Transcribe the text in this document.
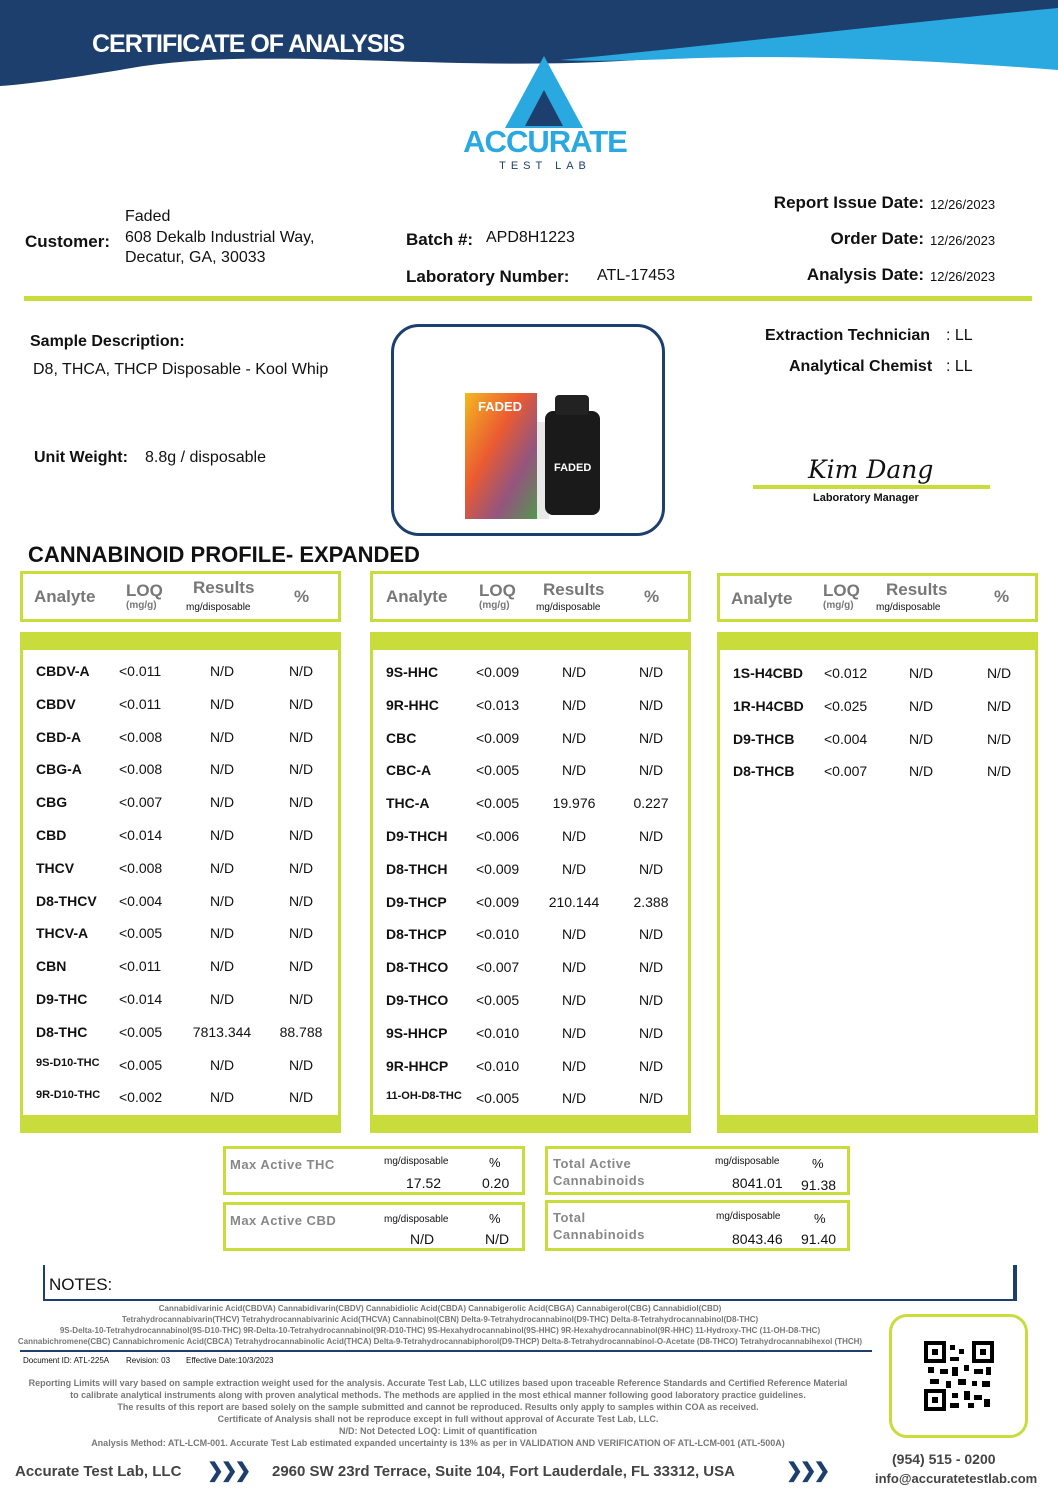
CERTIFICATE OF ANALYSIS
ACCURATE
TEST LAB
Customer:
Faded
608 Dekalb Industrial Way,
Decatur, GA, 30033
Batch #: APD8H1223
Laboratory Number: ATL-17453
Report Issue Date: 12/26/2023
Order Date: 12/26/2023
Analysis Date: 12/26/2023
Sample Description:
D8, THCA, THCP Disposable - Kool Whip
Unit Weight: 8.8g / disposable
FADED
FADED
Extraction Technician : LL
Analytical Chemist : LL
Kim Dang
Laboratory Manager
CANNABINOID PROFILE- EXPANDED
Analyte LOQ
(mg/g)
Results
mg/disposable
%
CBDV-A <0.011	N/D	N/D
CBDV	<0.011	N/D	N/D
CBD-A	<0.008	N/D	N/D
CBG-A	<0.008	N/D	N/D
CBG	<0.007	N/D	N/D
CBD	<0.014	N/D	N/D
THCV	<0.008	N/D	N/D
D8-THCV <0.004	N/D	N/D
THCV-A <0.005	N/D	N/D
CBN	<0.011	N/D	N/D
D9-THC <0.014	N/D	N/D
D8-THC <0.005	7813.344	88.788
9S-D10-THC <0.005	N/D	N/D
9R-D10-THC <0.002	N/D	N/D
Analyte LOQ
(mg/g)
Results
mg/disposable
%
9S-HHC	<0.009	N/D	N/D
9R-HHC	<0.013	N/D	N/D
CBC	<0.009	N/D	N/D
CBC-A	<0.005	N/D	N/D
THC-A	<0.005	19.976	0.227
D9-THCH <0.006	N/D	N/D
D8-THCH <0.009	N/D	N/D
D9-THCP <0.009	210.144	2.388
D8-THCP <0.010	N/D	N/D
D8-THCO <0.007	N/D	N/D
D9-THCO <0.005	N/D	N/D
9S-HHCP <0.010	N/D	N/D
9R-HHCP <0.010	N/D	N/D
11-OH-D8-THC <0.005	N/D	N/D
Analyte LOQ
(mg/g)
Results
mg/disposable
%
1S-H4CBD <0.012	N/D	N/D
1R-H4CBD <0.025	N/D	N/D
D9-THCB <0.004	N/D	N/D
D8-THCB <0.007	N/D	N/D
Max Active THC	mg/disposable	%
17.52	0.20
Max Active CBD	mg/disposable	%
N/D	N/D
Total Active
Cannabinoids
mg/disposable	%
8041.01 91.38
Total
Cannabinoids
mg/disposable	%
8043.46 91.40
NOTES:
Cannabidivarinic Acid(CBDVA) Cannabidivarin(CBDV) Cannabidiolic Acid(CBDA) Cannabigerolic Acid(CBGA) Cannabigerol(CBG) Cannabidiol(CBD)
Tetrahydrocannabivarin(THCV) Tetrahydrocannabivarinic Acid(THCVA) Cannabinol(CBN) Delta-9-Tetrahydrocannabinol(D9-THC) Delta-8-Tetrahydrocannabinol(D8-THC)
9S-Delta-10-Tetrahydrocannabinol(9S-D10-THC) 9R-Delta-10-Tetrahydrocannabinol(9R-D10-THC) 9S-Hexahydrocannabinol(9S-HHC) 9R-Hexahydrocannabinol(9R-HHC) 11-Hydroxy-THC (11-OH-D8-THC)
Cannabichromene(CBC) Cannabichromenic Acid(CBCA) Tetrahydrocannabinolic Acid(THCA) Delta-9-Tetrahydrocannabiphorol(D9-THCP) Delta-8-Tetrahydrocannabinol-O-Acetate (D8-THCO) Tetrahydrocannabihexol (THCH)
Document ID: ATL-225A Revision: 03 Effective Date:10/3/2023
Reporting Limits will vary based on sample extraction weight used for the analysis. Accurate Test Lab, LLC utilizes based upon traceable Reference Standards and Certified Reference Material
to calibrate analytical instruments along with proven analytical methods. The methods are applied in the most ethical manner following good laboratory practice guidelines.
The results of this report are based solely on the sample submitted and cannot be reproduced. Results only apply to samples within COA as received.
Certificate of Analysis shall not be reproduce except in full without approval of Accurate Test Lab, LLC.
N/D: Not Detected LOQ: Limit of quantification
Analysis Method: ATL-LCM-001. Accurate Test Lab estimated expanded uncertainty is 13% as per in VALIDATION AND VERIFICATION OF ATL-LCM-001 (ATL-500A)
Accurate Test Lab, LLC ❯❯❯ 2960 SW 23rd Terrace, Suite 104, Fort Lauderdale, FL 33312, USA	❯❯❯
(954) 515 - 0200
info@accuratetestlab.com
